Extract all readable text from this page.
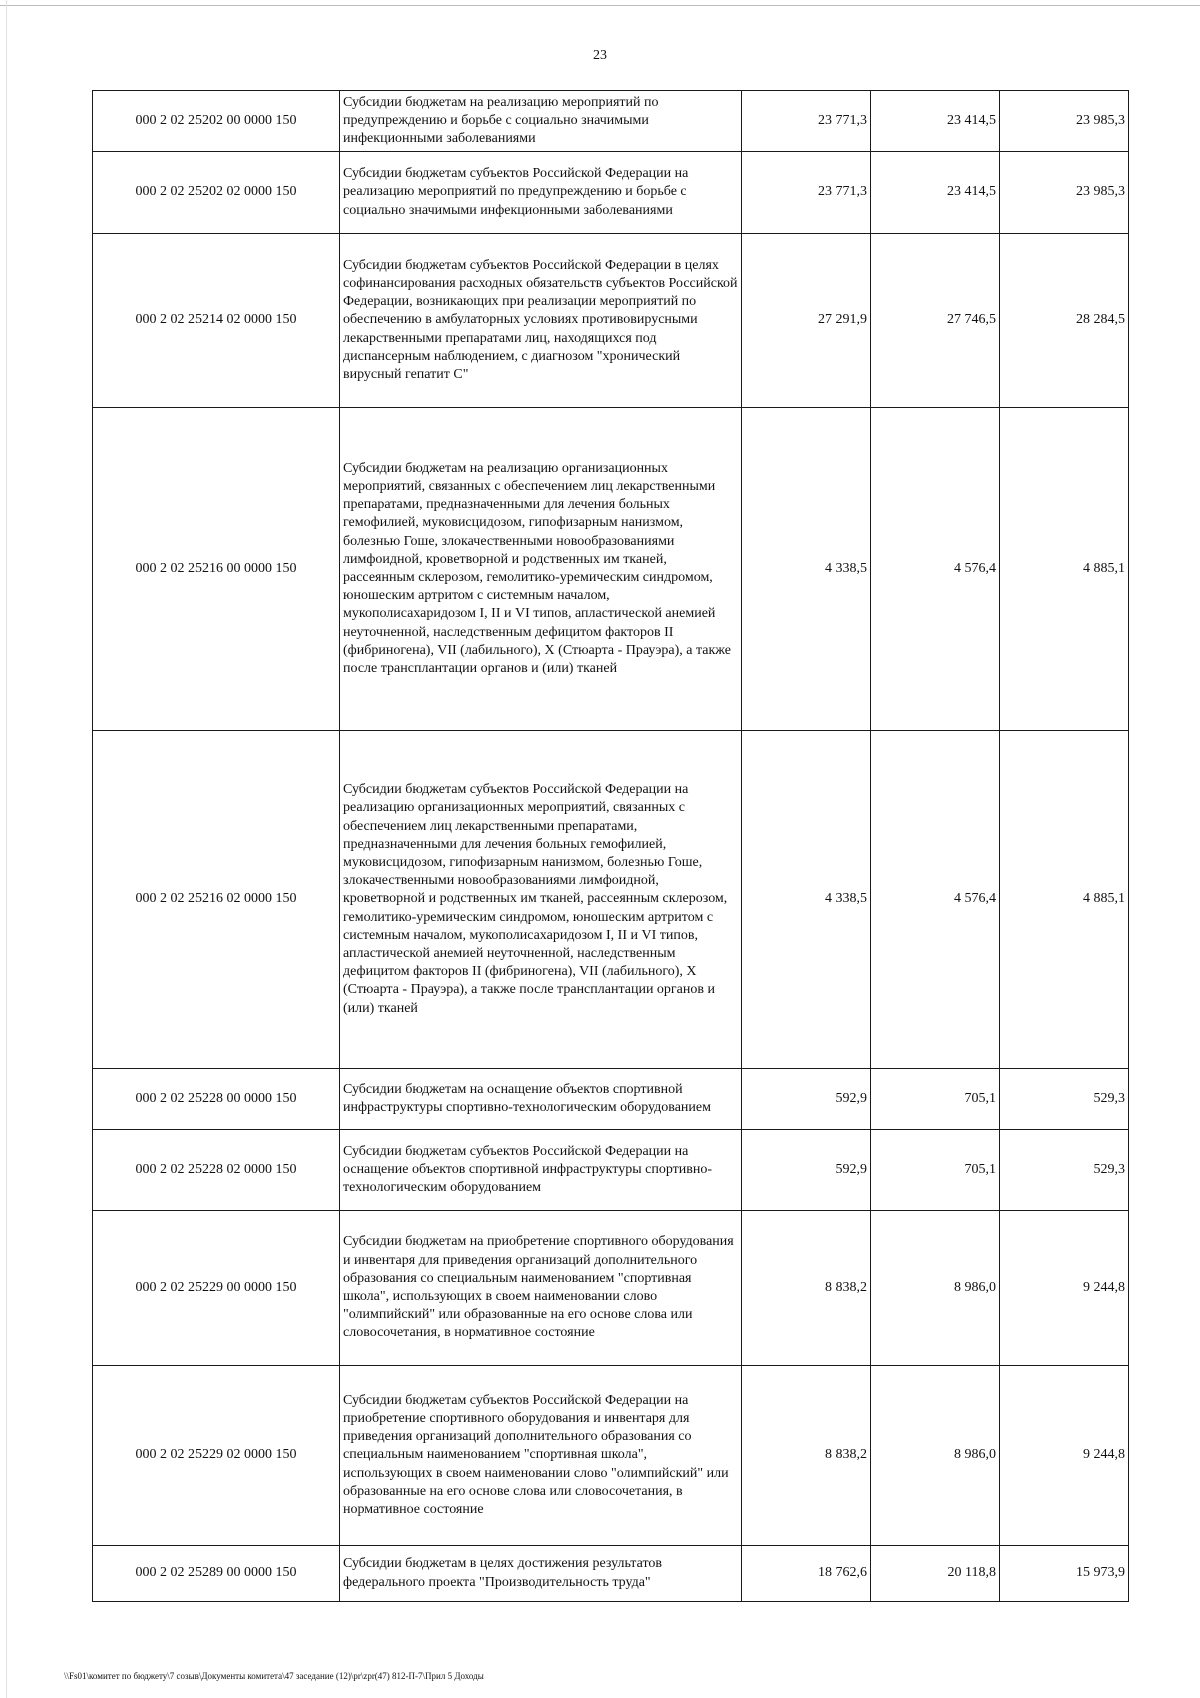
23
000 2 02 25202 00 0000 150	Субсидии бюджетам на реализацию мероприятий по предупреждению и борьбе с социально значимыми инфекционными заболеваниями	23 771,3	23 414,5	23 985,3
000 2 02 25202 02 0000 150	Субсидии бюджетам субъектов Российской Федерации на реализацию мероприятий по предупреждению и борьбе с социально значимыми инфекционными заболеваниями	23 771,3	23 414,5	23 985,3
000 2 02 25214 02 0000 150	Субсидии бюджетам субъектов Российской Федерации в целях софинансирования расходных обязательств субъектов Российской Федерации, возникающих при реализации мероприятий по обеспечению в амбулаторных условиях противовирусными лекарственными препаратами лиц, находящихся под диспансерным наблюдением, с диагнозом "хронический вирусный гепатит C"	27 291,9	27 746,5	28 284,5
000 2 02 25216 00 0000 150	Субсидии бюджетам на реализацию организационных мероприятий, связанных с обеспечением лиц лекарственными препаратами, предназначенными для лечения больных гемофилией, муковисцидозом, гипофизарным нанизмом, болезнью Гоше, злокачественными новообразованиями лимфоидной, кроветворной и родственных им тканей, рассеянным склерозом, гемолитико-уремическим синдромом, юношеским артритом с системным началом, мукополисахаридозом I, II и VI типов, апластической анемией неуточненной, наследственным дефицитом факторов II (фибриногена), VII (лабильного), X (Стюарта - Прауэра), а также после трансплантации органов и (или) тканей	4 338,5	4 576,4	4 885,1
000 2 02 25216 02 0000 150	Субсидии бюджетам субъектов Российской Федерации на реализацию организационных мероприятий, связанных с обеспечением лиц лекарственными препаратами, предназначенными для лечения больных гемофилией, муковисцидозом, гипофизарным нанизмом, болезнью Гоше, злокачественными новообразованиями лимфоидной, кроветворной и родственных им тканей, рассеянным склерозом, гемолитико-уремическим синдромом, юношеским артритом с системным началом, мукополисахаридозом I, II и VI типов, апластической анемией неуточненной, наследственным дефицитом факторов II (фибриногена), VII (лабильного), X (Стюарта - Прауэра), а также после трансплантации органов и (или) тканей	4 338,5	4 576,4	4 885,1
000 2 02 25228 00 0000 150	Субсидии бюджетам на оснащение объектов спортивной инфраструктуры спортивно-технологическим оборудованием	592,9	705,1	529,3
000 2 02 25228 02 0000 150	Субсидии бюджетам субъектов Российской Федерации на оснащение объектов спортивной инфраструктуры спортивно-технологическим оборудованием	592,9	705,1	529,3
000 2 02 25229 00 0000 150	Субсидии бюджетам на приобретение спортивного оборудования и инвентаря для приведения организаций дополнительного образования со специальным наименованием "спортивная школа", использующих в своем наименовании слово "олимпийский" или образованные на его основе слова или словосочетания, в нормативное состояние	8 838,2	8 986,0	9 244,8
000 2 02 25229 02 0000 150	Субсидии бюджетам субъектов Российской Федерации на приобретение спортивного оборудования и инвентаря для приведения организаций дополнительного образования со специальным наименованием "спортивная школа", использующих в своем наименовании слово "олимпийский" или образованные на его основе слова или словосочетания, в нормативное состояние	8 838,2	8 986,0	9 244,8
000 2 02 25289 00 0000 150	Субсидии бюджетам в целях достижения результатов федерального проекта "Производительность труда"	18 762,6	20 118,8	15 973,9
\\Fs01\комитет по бюджету\7 созыв\Документы комитета\47 заседание (12)\pr\zpr(47) 812-П-7\Прил 5 Доходы
